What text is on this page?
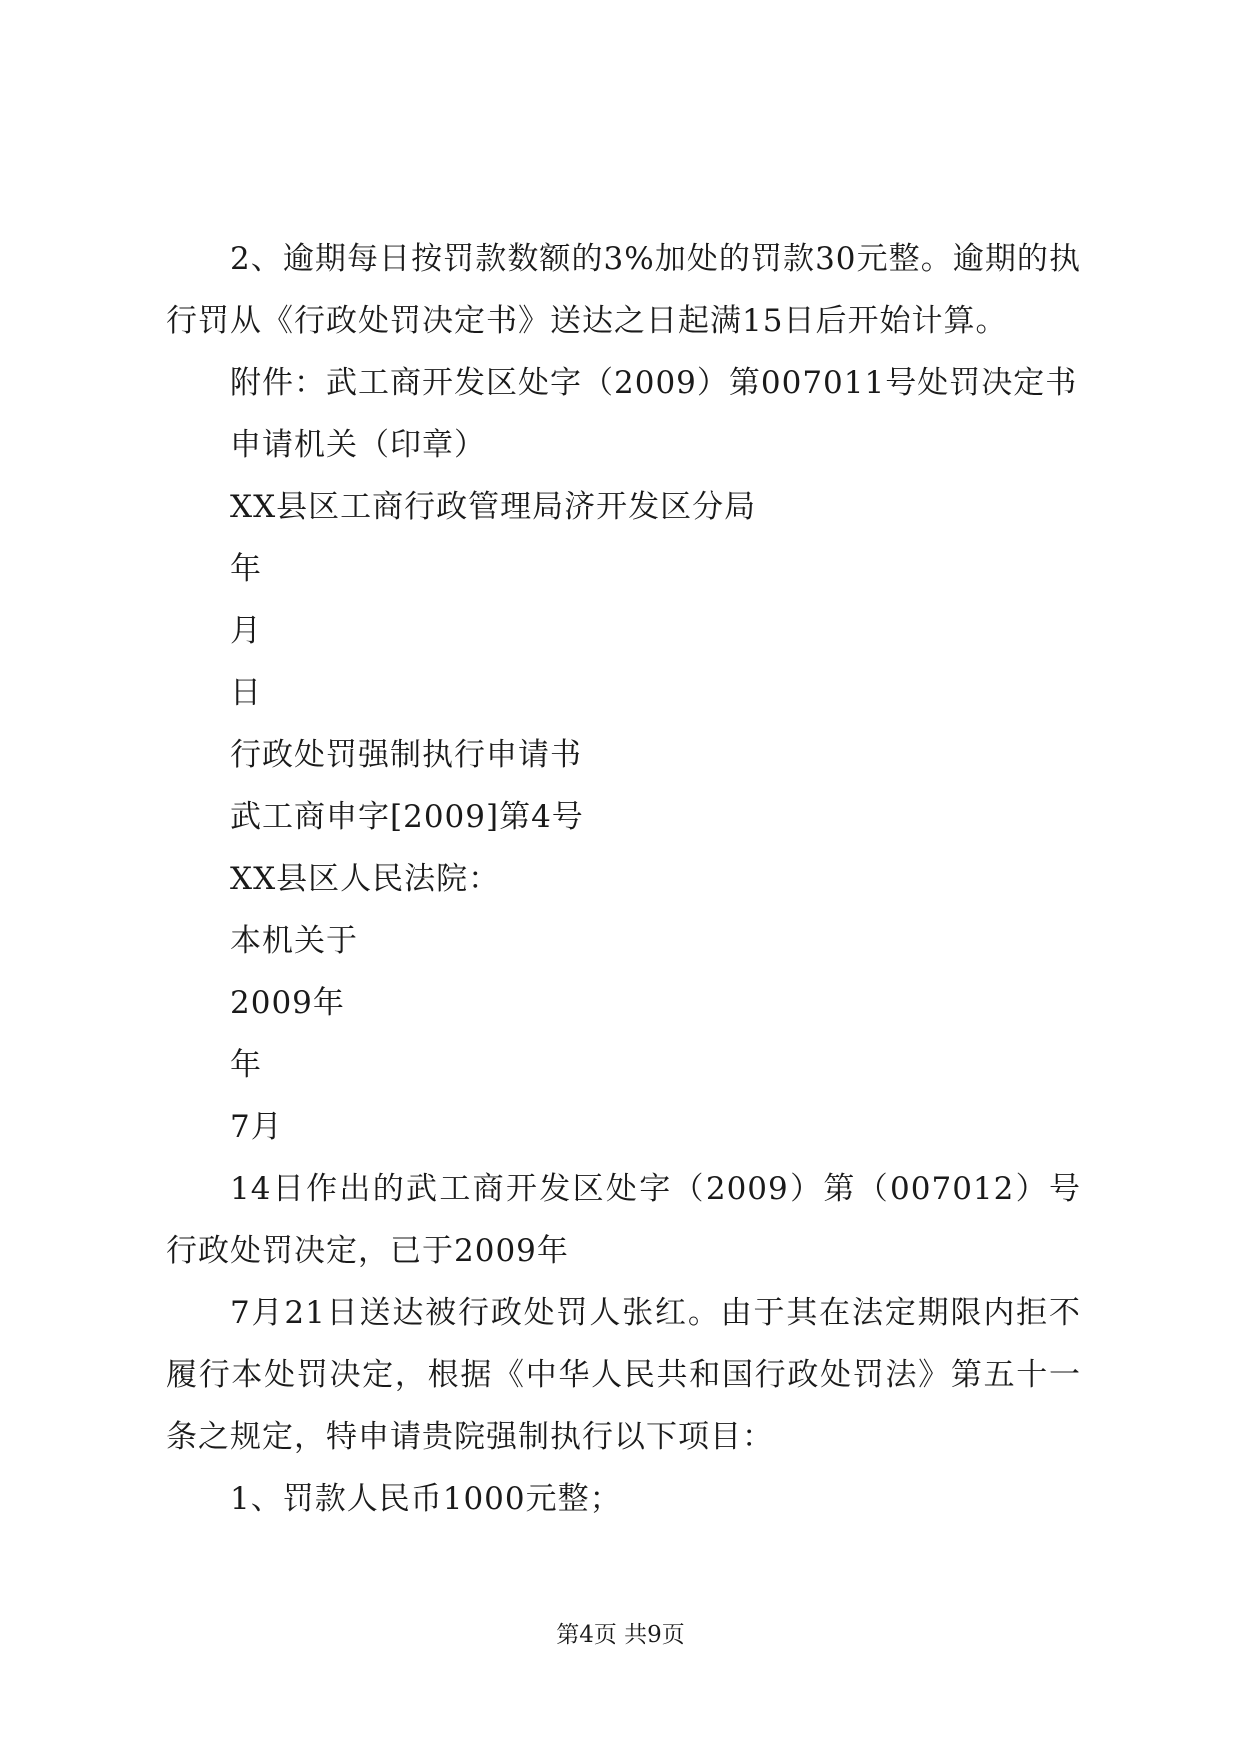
2、逾期每日按罚款数额的3%加处的罚款30元整。逾期的执行罚从《行政处罚决定书》送达之日起满15日后开始计算。

附件：武工商开发区处字（2009）第007011号处罚决定书

申请机关（印章）

XX县区工商行政管理局济开发区分局

年

月

日

行政处罚强制执行申请书

武工商申字[2009]第4号

XX县区人民法院：

本机关于

2009年

年

7月

14日作出的武工商开发区处字（2009）第（007012）号行政处罚决定，已于2009年

7月21日送达被行政处罚人张红。由于其在法定期限内拒不履行本处罚决定，根据《中华人民共和国行政处罚法》第五十一条之规定，特申请贵院强制执行以下项目：

1、罚款人民币1000元整；

第4页 共9页
